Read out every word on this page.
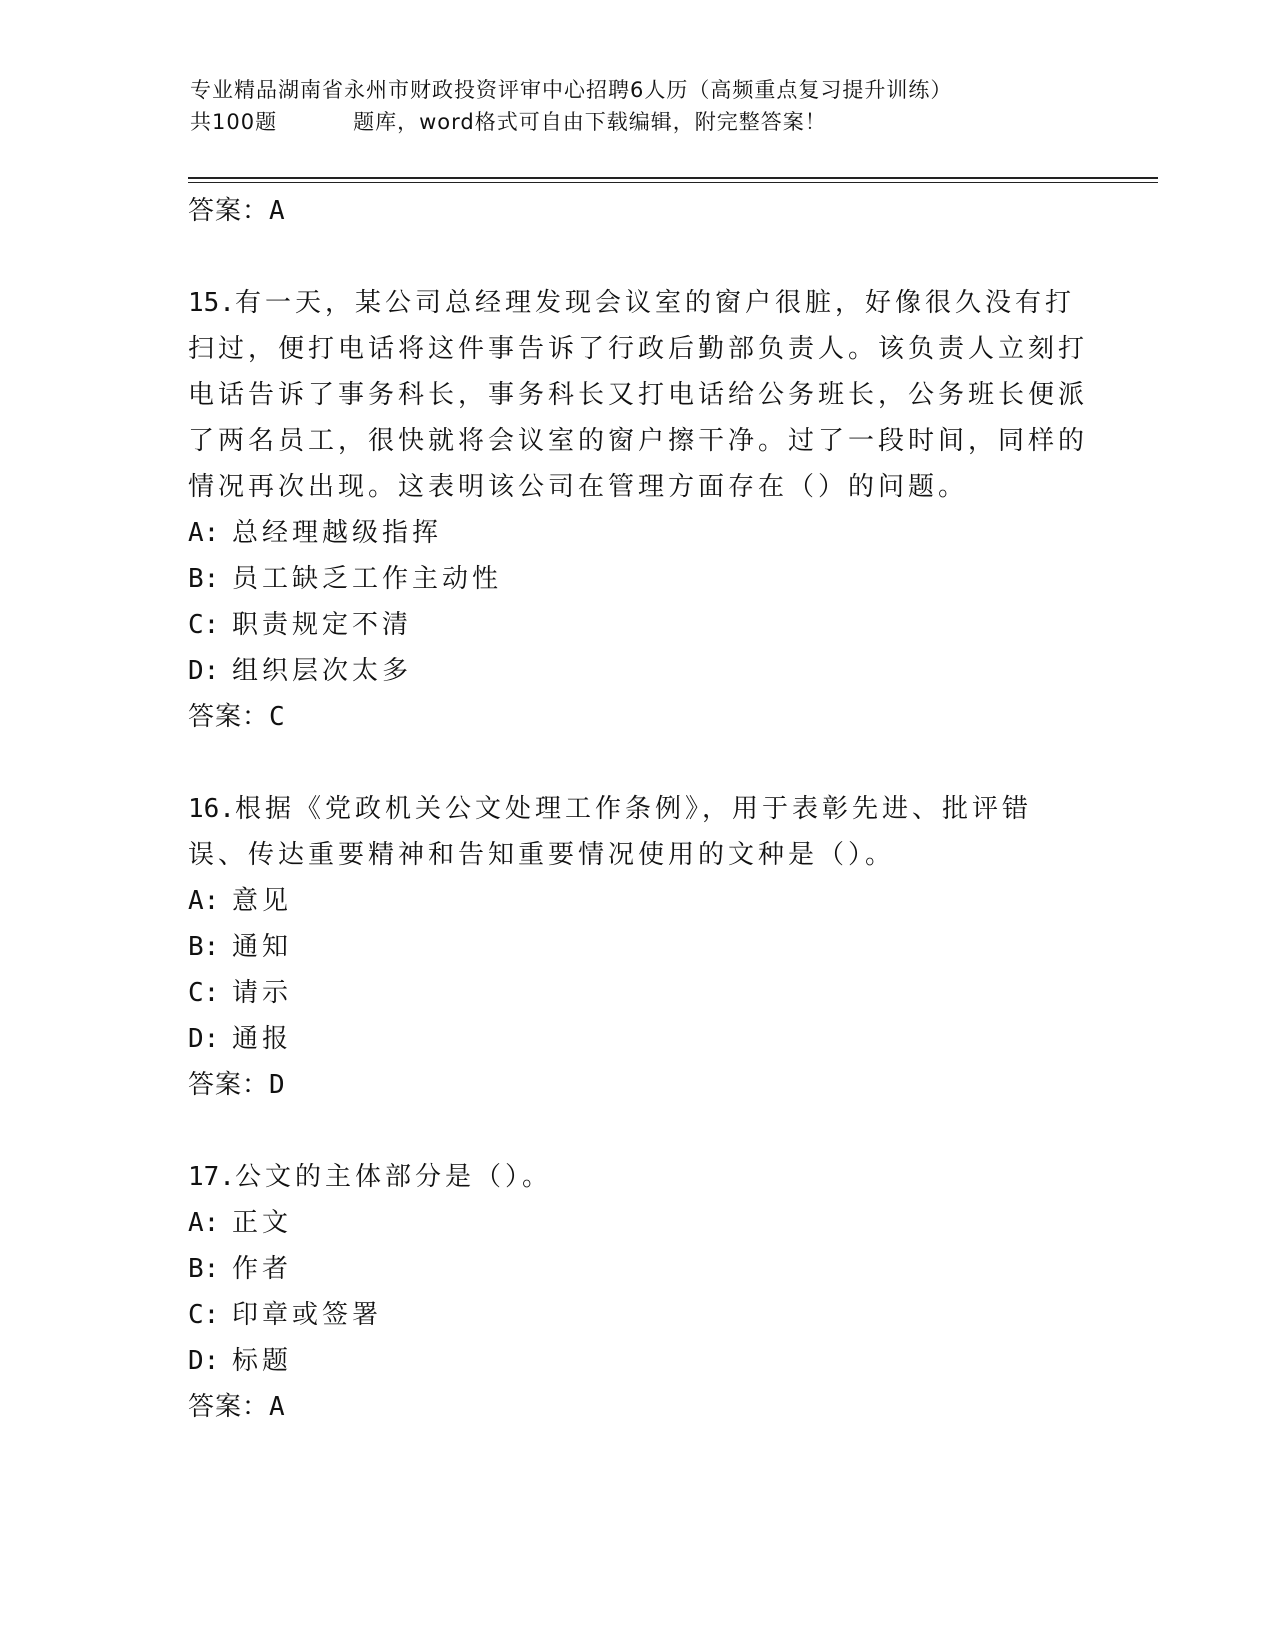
专业精品湖南省永州市财政投资评审中心招聘6人历（高频重点复习提升训练）
共100题	题库，word格式可自由下载编辑，附完整答案！

答案：A

15.有一天，某公司总经理发现会议室的窗户很脏，好像很久没有打扫过，便打电话将这件事告诉了行政后勤部负责人。该负责人立刻打电话告诉了事务科长，事务科长又打电话给公务班长，公务班长便派了两名员工，很快就将会议室的窗户擦干净。过了一段时间，同样的情况再次出现。这表明该公司在管理方面存在（）的问题。

A: 总经理越级指挥

B: 员工缺乏工作主动性

C: 职责规定不清

D: 组织层次太多

答案：C

16.根据《党政机关公文处理工作条例》，用于表彰先进、批评错误、传达重要精神和告知重要情况使用的文种是（）。

A: 意见

B: 通知

C: 请示

D: 通报

答案：D

17.公文的主体部分是（）。

A: 正文

B: 作者

C: 印章或签署

D: 标题

答案：A
